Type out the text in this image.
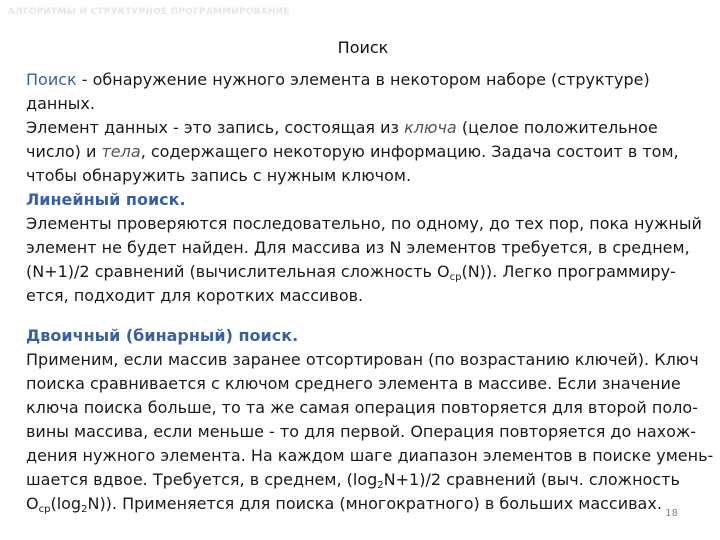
АЛГОРИТМЫ И СТРУКТУРНОЕ ПРОГРАММИРОВАНИЕ
Поиск

Поиск - обнаружение нужного элемента в некотором наборе (структуре) данных.
Элемент данных - это запись, состоящая из ключа (целое положительное число) и тела, содержащего некоторую информацию. Задача состоит в том, чтобы обнаружить запись с нужным ключом.

Линейный поиск.

Элементы проверяются последовательно, по одному, до тех пор, пока нужный элемент не будет найден. Для массива из N элементов требуется, в среднем, (N+1)/2 сравнений (вычислительная сложность $O_{ср}(N)$). Легко программиру-ется, подходит для коротких массивов.

Двоичный (бинарный) поиск.

Применим, если массив заранее отсортирован (по возрастанию ключей). Ключ поиска сравнивается с ключом среднего элемента в массиве. Если значение ключа поиска больше, то та же самая операция повторяется для второй поло-вины массива, если меньше - то для первой. Операция повторяется до нахож-дения нужного элемента. На каждом шаге диапазон элементов в поиске умень-шается вдвое. Требуется, в среднем, $(\log_2N+1)/2$ сравнений (выч. сложность $O_{ср}(\log_2N)$). Применяется для поиска (многократного) в больших массивах.

18
